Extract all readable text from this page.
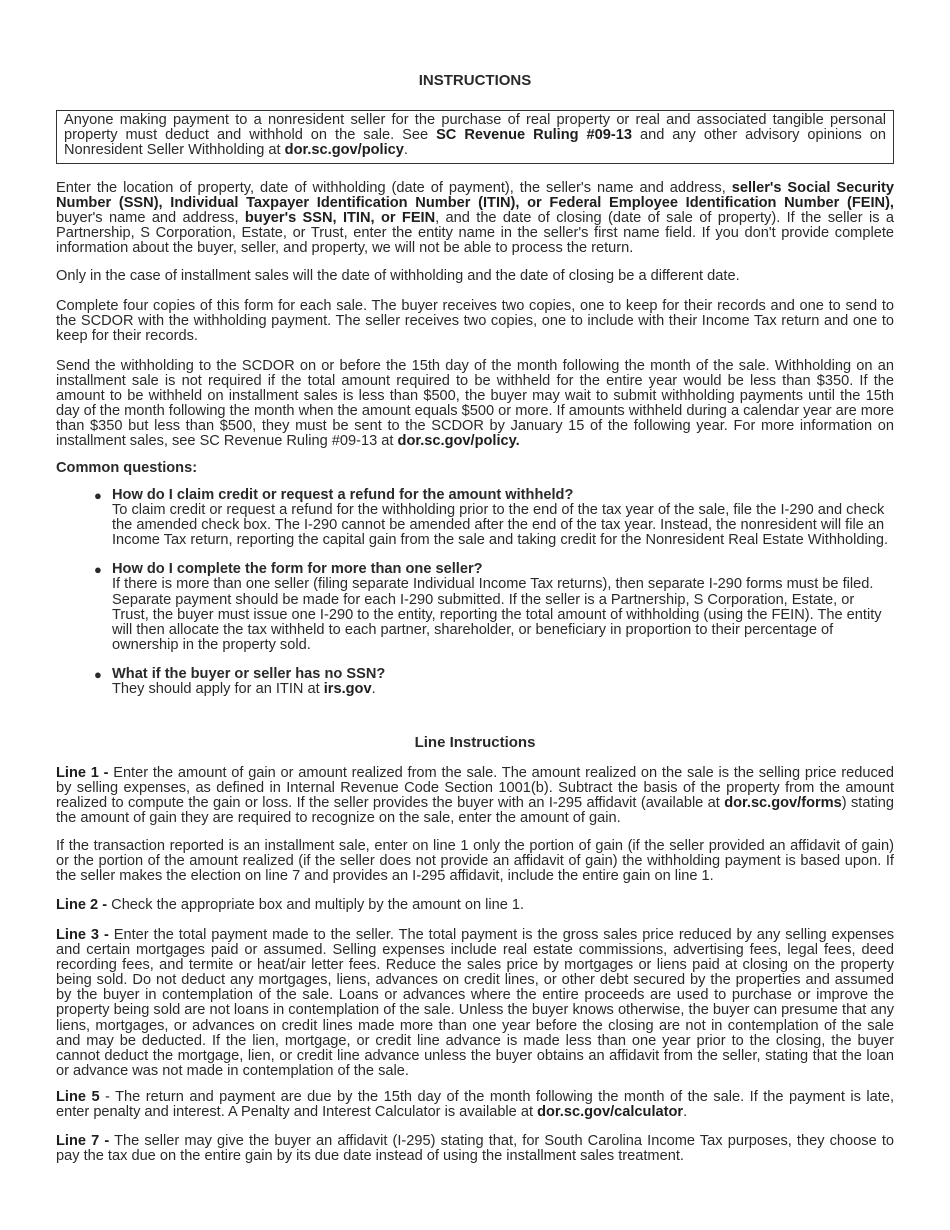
INSTRUCTIONS
Anyone making payment to a nonresident seller for the purchase of real property or real and associated tangible personal property must deduct and withhold on the sale. See SC Revenue Ruling #09-13 and any other advisory opinions on Nonresident Seller Withholding at dor.sc.gov/policy.

Enter the location of property, date of withholding (date of payment), the seller's name and address, seller's Social Security Number (SSN), Individual Taxpayer Identification Number (ITIN), or Federal Employee Identification Number (FEIN), buyer's name and address, buyer's SSN, ITIN, or FEIN, and the date of closing (date of sale of property). If the seller is a Partnership, S Corporation, Estate, or Trust, enter the entity name in the seller's first name field. If you don't provide complete information about the buyer, seller, and property, we will not be able to process the return.

Only in the case of installment sales will the date of withholding and the date of closing be a different date.

Complete four copies of this form for each sale. The buyer receives two copies, one to keep for their records and one to send to the SCDOR with the withholding payment. The seller receives two copies, one to include with their Income Tax return and one to keep for their records.

Send the withholding to the SCDOR on or before the 15th day of the month following the month of the sale. Withholding on an installment sale is not required if the total amount required to be withheld for the entire year would be less than $350. If the amount to be withheld on installment sales is less than $500, the buyer may wait to submit withholding payments until the 15th day of the month following the month when the amount equals $500 or more. If amounts withheld during a calendar year are more than $350 but less than $500, they must be sent to the SCDOR by January 15 of the following year. For more information on installment sales, see SC Revenue Ruling #09-13 at dor.sc.gov/policy.

Common questions:
● How do I claim credit or request a refund for the amount withheld?
To claim credit or request a refund for the withholding prior to the end of the tax year of the sale, file the I-290 and check the amended check box. The I-290 cannot be amended after the end of the tax year. Instead, the nonresident will file an Income Tax return, reporting the capital gain from the sale and taking credit for the Nonresident Real Estate Withholding.
● How do I complete the form for more than one seller?
If there is more than one seller (filing separate Individual Income Tax returns), then separate I-290 forms must be filed. Separate payment should be made for each I-290 submitted. If the seller is a Partnership, S Corporation, Estate, or Trust, the buyer must issue one I-290 to the entity, reporting the total amount of withholding (using the FEIN). The entity will then allocate the tax withheld to each partner, shareholder, or beneficiary in proportion to their percentage of ownership in the property sold.
● What if the buyer or seller has no SSN?
They should apply for an ITIN at irs.gov.
Line Instructions

Line 1 - Enter the amount of gain or amount realized from the sale. The amount realized on the sale is the selling price reduced by selling expenses, as defined in Internal Revenue Code Section 1001(b). Subtract the basis of the property from the amount realized to compute the gain or loss. If the seller provides the buyer with an I-295 affidavit (available at dor.sc.gov/forms) stating the amount of gain they are required to recognize on the sale, enter the amount of gain.

If the transaction reported is an installment sale, enter on line 1 only the portion of gain (if the seller provided an affidavit of gain) or the portion of the amount realized (if the seller does not provide an affidavit of gain) the withholding payment is based upon. If the seller makes the election on line 7 and provides an I-295 affidavit, include the entire gain on line 1.

Line 2 - Check the appropriate box and multiply by the amount on line 1.

Line 3 - Enter the total payment made to the seller. The total payment is the gross sales price reduced by any selling expenses and certain mortgages paid or assumed. Selling expenses include real estate commissions, advertising fees, legal fees, deed recording fees, and termite or heat/air letter fees. Reduce the sales price by mortgages or liens paid at closing on the property being sold. Do not deduct any mortgages, liens, advances on credit lines, or other debt secured by the properties and assumed by the buyer in contemplation of the sale. Loans or advances where the entire proceeds are used to purchase or improve the property being sold are not loans in contemplation of the sale. Unless the buyer knows otherwise, the buyer can presume that any liens, mortgages, or advances on credit lines made more than one year before the closing are not in contemplation of the sale and may be deducted. If the lien, mortgage, or credit line advance is made less than one year prior to the closing, the buyer cannot deduct the mortgage, lien, or credit line advance unless the buyer obtains an affidavit from the seller, stating that the loan or advance was not made in contemplation of the sale.

Line 5 - The return and payment are due by the 15th day of the month following the month of the sale. If the payment is late, enter penalty and interest. A Penalty and Interest Calculator is available at dor.sc.gov/calculator.

Line 7 - The seller may give the buyer an affidavit (I-295) stating that, for South Carolina Income Tax purposes, they choose to pay the tax due on the entire gain by its due date instead of using the installment sales treatment.
